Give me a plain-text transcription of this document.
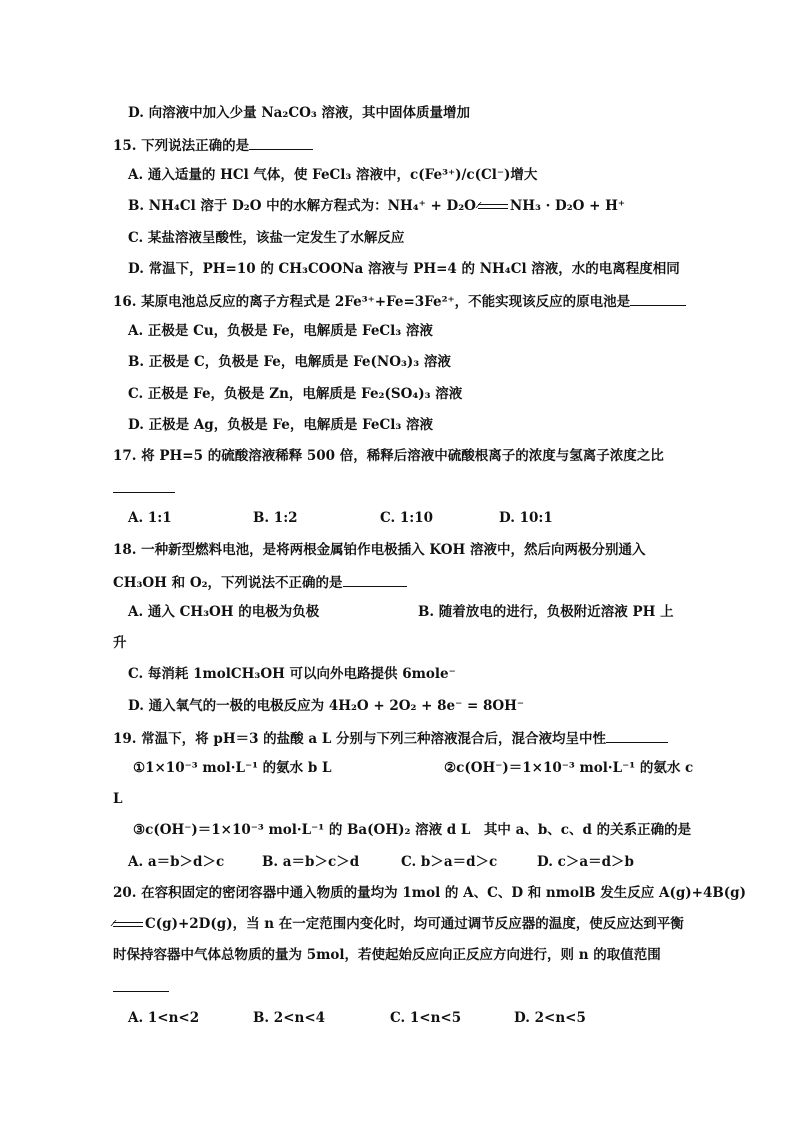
D. 向溶液中加入少量 Na₂CO₃ 溶液，其中固体质量增加
15. 下列说法正确的是
A. 通入适量的 HCl 气体，使 FeCl₃ 溶液中，c(Fe³⁺)/c(Cl⁻)增大
B. NH₄Cl 溶于 D₂O 中的水解方程式为：NH₄⁺ + D₂O	NH₃ · D₂O + H⁺
C. 某盐溶液呈酸性，该盐一定发生了水解反应
D. 常温下，PH=10 的 CH₃COONa 溶液与 PH=4 的 NH₄Cl 溶液，水的电离程度相同
16. 某原电池总反应的离子方程式是 2Fe³⁺+Fe=3Fe²⁺，不能实现该反应的原电池是
A. 正极是 Cu，负极是 Fe，电解质是 FeCl₃ 溶液
B. 正极是 C，负极是 Fe，电解质是 Fe(NO₃)₃ 溶液
C. 正极是 Fe，负极是 Zn，电解质是 Fe₂(SO₄)₃ 溶液
D. 正极是 Ag，负极是 Fe，电解质是 FeCl₃ 溶液
17. 将 PH=5 的硫酸溶液稀释 500 倍，稀释后溶液中硫酸根离子的浓度与氢离子浓度之比
A. 1:1	B. 1:2	C. 1:10	D. 10:1
18. 一种新型燃料电池，是将两根金属铂作电极插入 KOH 溶液中，然后向两极分别通入
CH₃OH 和 O₂，下列说法不正确的是
A. 通入 CH₃OH 的电极为负极	B. 随着放电的进行，负极附近溶液 PH 上
升
C. 每消耗 1molCH₃OH 可以向外电路提供 6mole⁻
D. 通入氧气的一极的电极反应为 4H₂O + 2O₂ + 8e⁻ = 8OH⁻
19. 常温下，将 pH＝3 的盐酸 a L 分别与下列三种溶液混合后，混合液均呈中性
①1×10⁻³ mol·L⁻¹ 的氨水 b L	②c(OH⁻)＝1×10⁻³ mol·L⁻¹ 的氨水 c
L
③c(OH⁻)＝1×10⁻³ mol·L⁻¹ 的 Ba(OH)₂ 溶液 d L　其中 a、b、c、d 的关系正确的是
A. a＝b＞d＞c	B. a＝b＞c＞d	C. b＞a＝d＞c	D. c＞a＝d＞b
20. 在容积固定的密闭容器中通入物质的量均为 1mol 的 A、C、D 和 nmolB 发生反应 A(g)+4B(g)
C(g)+2D(g)，当 n 在一定范围内变化时，均可通过调节反应器的温度，使反应达到平衡
时保持容器中气体总物质的量为 5mol，若使起始反应向正反应方向进行，则 n 的取值范围
A. 1<n<2	B. 2<n<4	C. 1<n<5	D. 2<n<5
